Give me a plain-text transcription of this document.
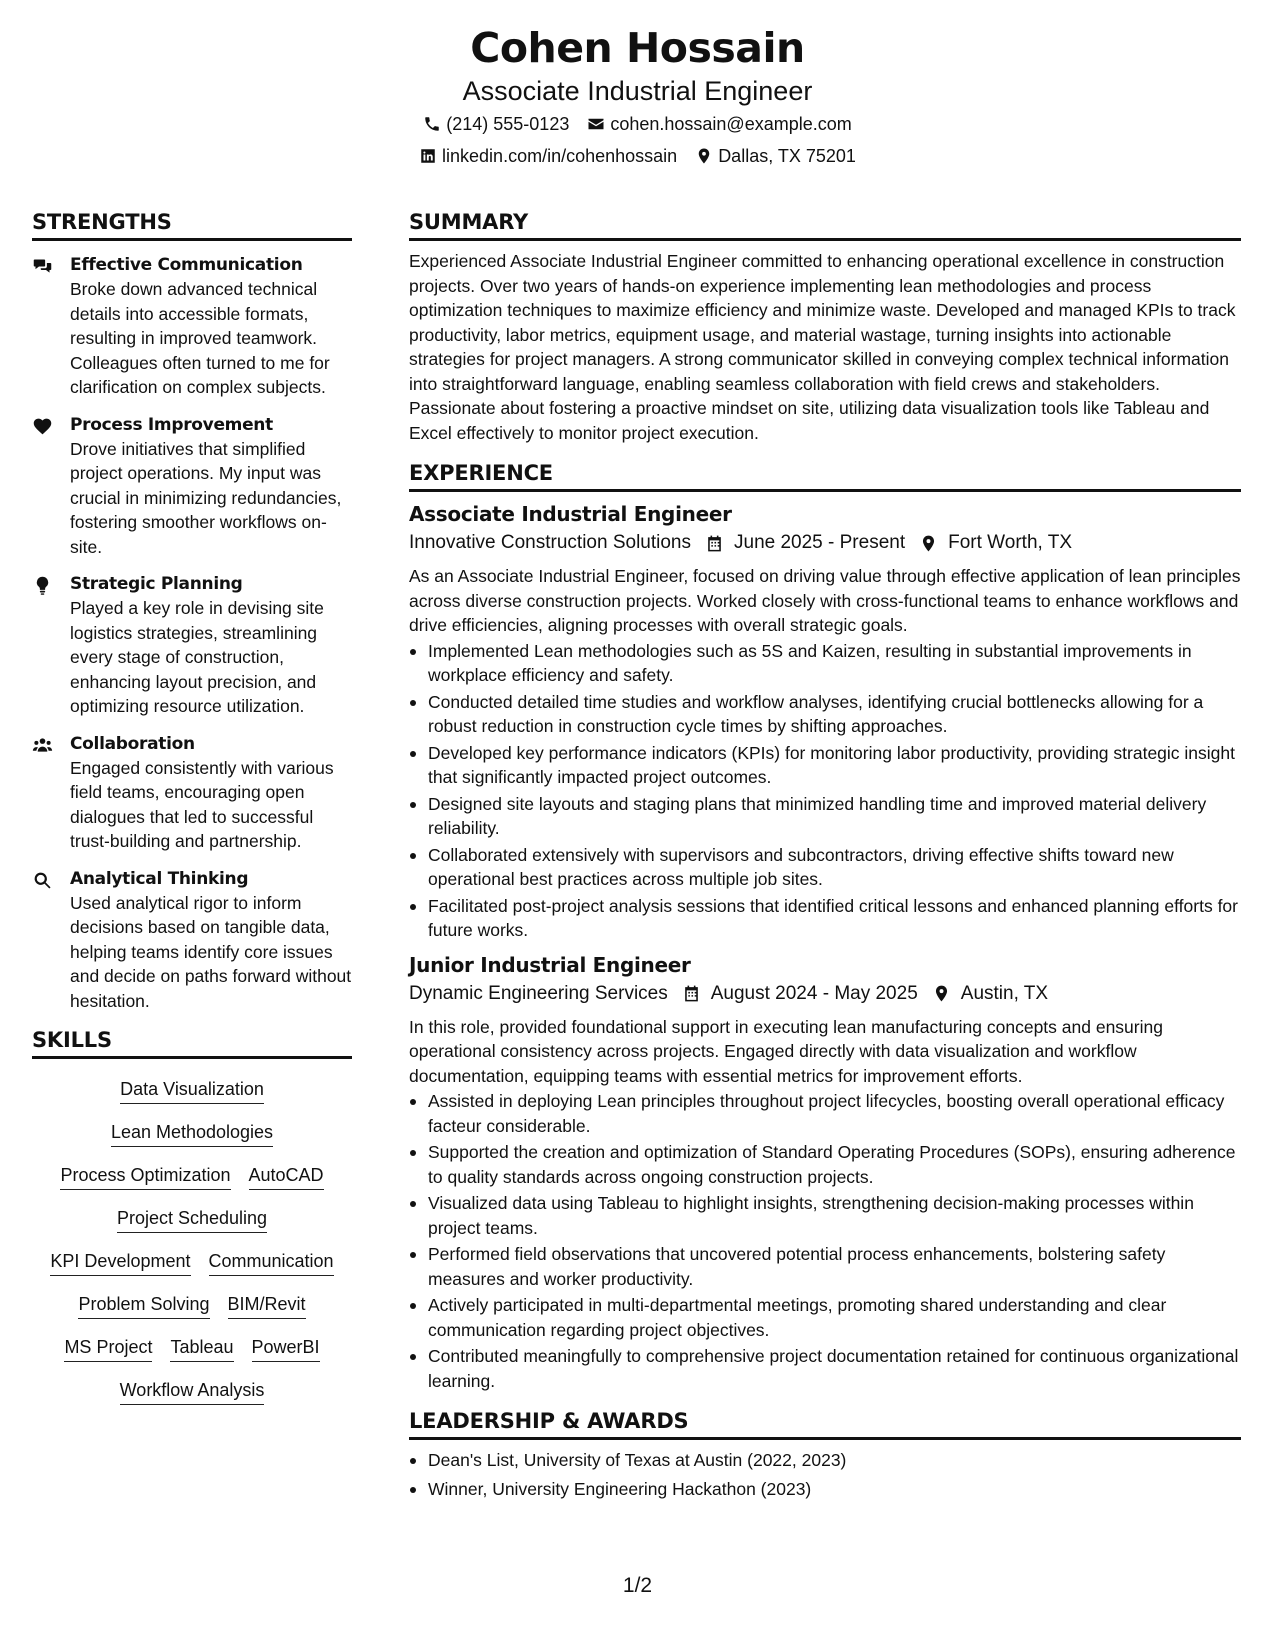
Cohen Hossain
Associate Industrial Engineer
(214) 555-0123 cohen.hossain@example.com
linkedin.com/in/cohenhossain Dallas, TX 75201
STRENGTHS
Effective Communication
Broke down advanced technical details into accessible formats, resulting in improved teamwork. Colleagues often turned to me for clarification on complex subjects.
Process Improvement
Drove initiatives that simplified project operations. My input was crucial in minimizing redundancies, fostering smoother workflows on-site.
Strategic Planning
Played a key role in devising site logistics strategies, streamlining every stage of construction, enhancing layout precision, and optimizing resource utilization.
Collaboration
Engaged consistently with various field teams, encouraging open dialogues that led to successful trust-building and partnership.
Analytical Thinking
Used analytical rigor to inform decisions based on tangible data, helping teams identify core issues and decide on paths forward without hesitation.
SKILLS
Data Visualization
Lean Methodologies
Process Optimization AutoCAD
Project Scheduling
KPI Development Communication
Problem Solving BIM/Revit
MS Project Tableau PowerBI
Workflow Analysis
SUMMARY
Experienced Associate Industrial Engineer committed to enhancing operational excellence in construction projects. Over two years of hands-on experience implementing lean methodologies and process optimization techniques to maximize efficiency and minimize waste. Developed and managed KPIs to track productivity, labor metrics, equipment usage, and material wastage, turning insights into actionable strategies for project managers. A strong communicator skilled in conveying complex technical information into straightforward language, enabling seamless collaboration with field crews and stakeholders. Passionate about fostering a proactive mindset on site, utilizing data visualization tools like Tableau and Excel effectively to monitor project execution.
EXPERIENCE
Associate Industrial Engineer
Innovative Construction Solutions June 2025 - Present Fort Worth, TX
As an Associate Industrial Engineer, focused on driving value through effective application of lean principles across diverse construction projects. Worked closely with cross-functional teams to enhance workflows and drive efficiencies, aligning processes with overall strategic goals.
Implemented Lean methodologies such as 5S and Kaizen, resulting in substantial improvements in workplace efficiency and safety.
Conducted detailed time studies and workflow analyses, identifying crucial bottlenecks allowing for a robust reduction in construction cycle times by shifting approaches.
Developed key performance indicators (KPIs) for monitoring labor productivity, providing strategic insight that significantly impacted project outcomes.
Designed site layouts and staging plans that minimized handling time and improved material delivery reliability.
Collaborated extensively with supervisors and subcontractors, driving effective shifts toward new operational best practices across multiple job sites.
Facilitated post-project analysis sessions that identified critical lessons and enhanced planning efforts for future works.
Junior Industrial Engineer
Dynamic Engineering Services August 2024 - May 2025 Austin, TX
In this role, provided foundational support in executing lean manufacturing concepts and ensuring operational consistency across projects. Engaged directly with data visualization and workflow documentation, equipping teams with essential metrics for improvement efforts.
Assisted in deploying Lean principles throughout project lifecycles, boosting overall operational efficacy facteur considerable.
Supported the creation and optimization of Standard Operating Procedures (SOPs), ensuring adherence to quality standards across ongoing construction projects.
Visualized data using Tableau to highlight insights, strengthening decision-making processes within project teams.
Performed field observations that uncovered potential process enhancements, bolstering safety measures and worker productivity.
Actively participated in multi-departmental meetings, promoting shared understanding and clear communication regarding project objectives.
Contributed meaningfully to comprehensive project documentation retained for continuous organizational learning.
LEADERSHIP & AWARDS
Dean's List, University of Texas at Austin (2022, 2023)
Winner, University Engineering Hackathon (2023)
1/2
